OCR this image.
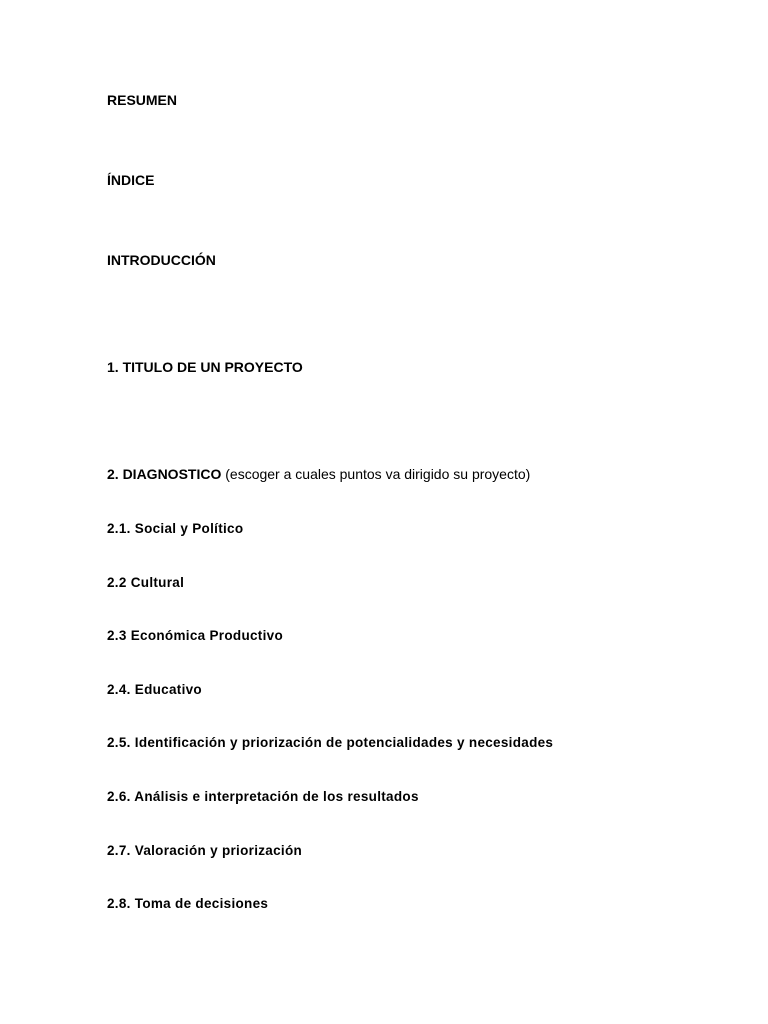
RESUMEN
ÍNDICE
INTRODUCCIÓN
1. TITULO DE UN PROYECTO
2. DIAGNOSTICO (escoger a cuales puntos va dirigido su proyecto)
2.1. Social y Político
2.2 Cultural
2.3 Económica Productivo
2.4. Educativo
2.5. Identificación y priorización de potencialidades y necesidades
2.6. Análisis e interpretación de los resultados
2.7. Valoración y priorización
2.8. Toma de decisiones
